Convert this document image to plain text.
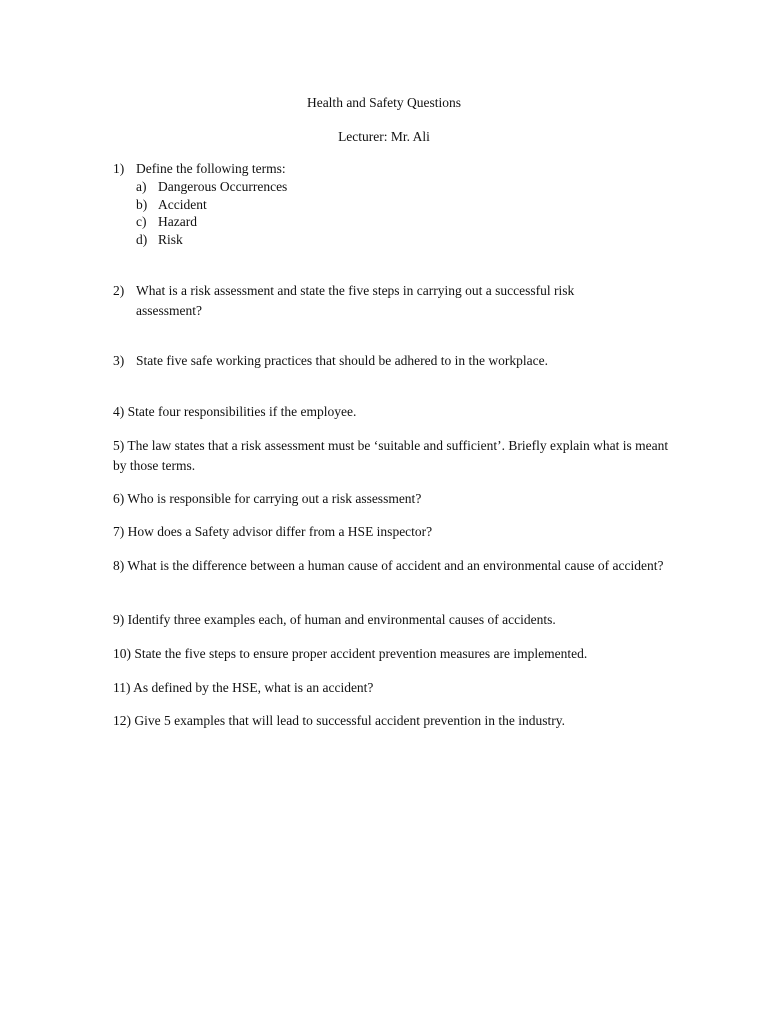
Health and Safety Questions

Lecturer: Mr. Ali

1) Define the following terms:
a) Dangerous Occurrences
b) Accident
c) Hazard
d) Risk
2) What is a risk assessment and state the five steps in carrying out a successful risk assessment?
3) State five safe working practices that should be adhered to in the workplace.

4) State four responsibilities if the employee.

5) The law states that a risk assessment must be ‘suitable and sufficient’. Briefly explain what is meant by those terms.

6) Who is responsible for carrying out a risk assessment?

7) How does a Safety advisor differ from a HSE inspector?

8) What is the difference between a human cause of accident and an environmental cause of accident?

9) Identify three examples each, of human and environmental causes of accidents.

10) State the five steps to ensure proper accident prevention measures are implemented.

11) As defined by the HSE, what is an accident?

12) Give 5 examples that will lead to successful accident prevention in the industry.
